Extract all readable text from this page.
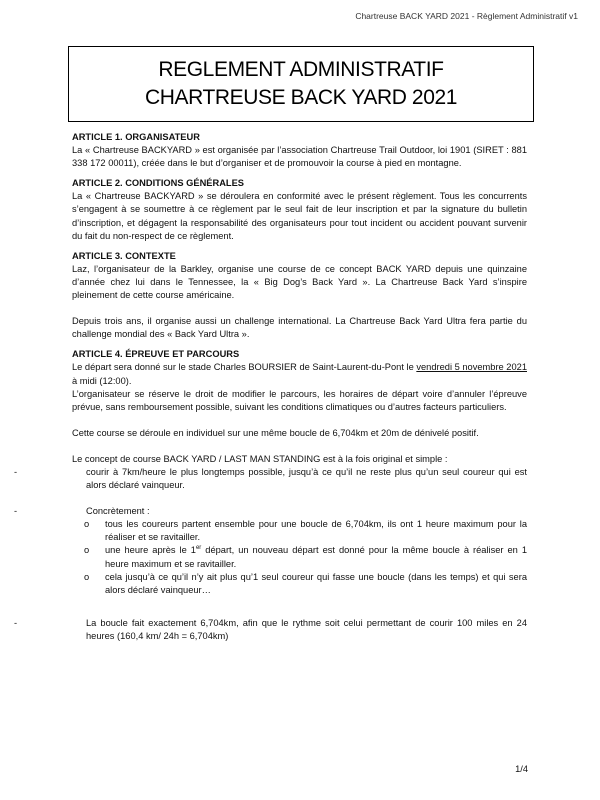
Chartreuse BACK YARD 2021 - Règlement Administratif v1
REGLEMENT ADMINISTRATIF
CHARTREUSE BACK YARD 2021

ARTICLE 1. ORGANISATEUR

La « Chartreuse BACKYARD » est organisée par l’association Chartreuse Trail Outdoor, loi 1901 (SIRET : 881 338 172 00011), créée dans le but d’organiser et de promouvoir la course à pied en montagne.

ARTICLE 2. CONDITIONS GÉNÉRALES

La « Chartreuse BACKYARD » se déroulera en conformité avec le présent règlement. Tous les concurrents s’engagent à se soumettre à ce règlement par le seul fait de leur inscription et par la signature du bulletin d’inscription, et dégagent la responsabilité des organisateurs pour tout incident ou accident pouvant survenir du fait du non-respect de ce règlement.

ARTICLE 3. CONTEXTE

Laz, l’organisateur de la Barkley, organise une course de ce concept BACK YARD depuis une quinzaine d’année chez lui dans le Tennessee, la « Big Dog’s Back Yard ». La Chartreuse Back Yard s’inspire pleinement de cette course américaine.

Depuis trois ans, il organise aussi un challenge international. La Chartreuse Back Yard Ultra fera partie du challenge mondial des « Back Yard Ultra ».

ARTICLE 4. ÉPREUVE ET PARCOURS

Le départ sera donné sur le stade Charles BOURSIER de Saint-Laurent-du-Pont le vendredi 5 novembre 2021 à midi (12:00).

L’organisateur se réserve le droit de modifier le parcours, les horaires de départ voire d’annuler l’épreuve prévue, sans remboursement possible, suivant les conditions climatiques ou d’autres facteurs particuliers.

Cette course se déroule en individuel sur une même boucle de 6,704km et 20m de dénivelé positif.

Le concept de course BACK YARD / LAST MAN STANDING est à la fois original et simple :

-	courir à 7km/heure le plus longtemps possible, jusqu’à ce qu’il ne reste plus qu’un seul coureur qui est alors déclaré vainqueur.

-	Concrètement :

o tous les coureurs partent ensemble pour une boucle de 6,704km, ils ont 1 heure maximum pour la réaliser et se ravitailler.

o une heure après le 1er départ, un nouveau départ est donné pour la même boucle à réaliser en 1 heure maximum et se ravitailler.

o cela jusqu’à ce qu’il n’y ait plus qu’1 seul coureur qui fasse une boucle (dans les temps) et qui sera alors déclaré vainqueur…

-	La boucle fait exactement 6,704km, afin que le rythme soit celui permettant de courir 100 miles en 24 heures (160,4 km/ 24h = 6,704km)

1/4
